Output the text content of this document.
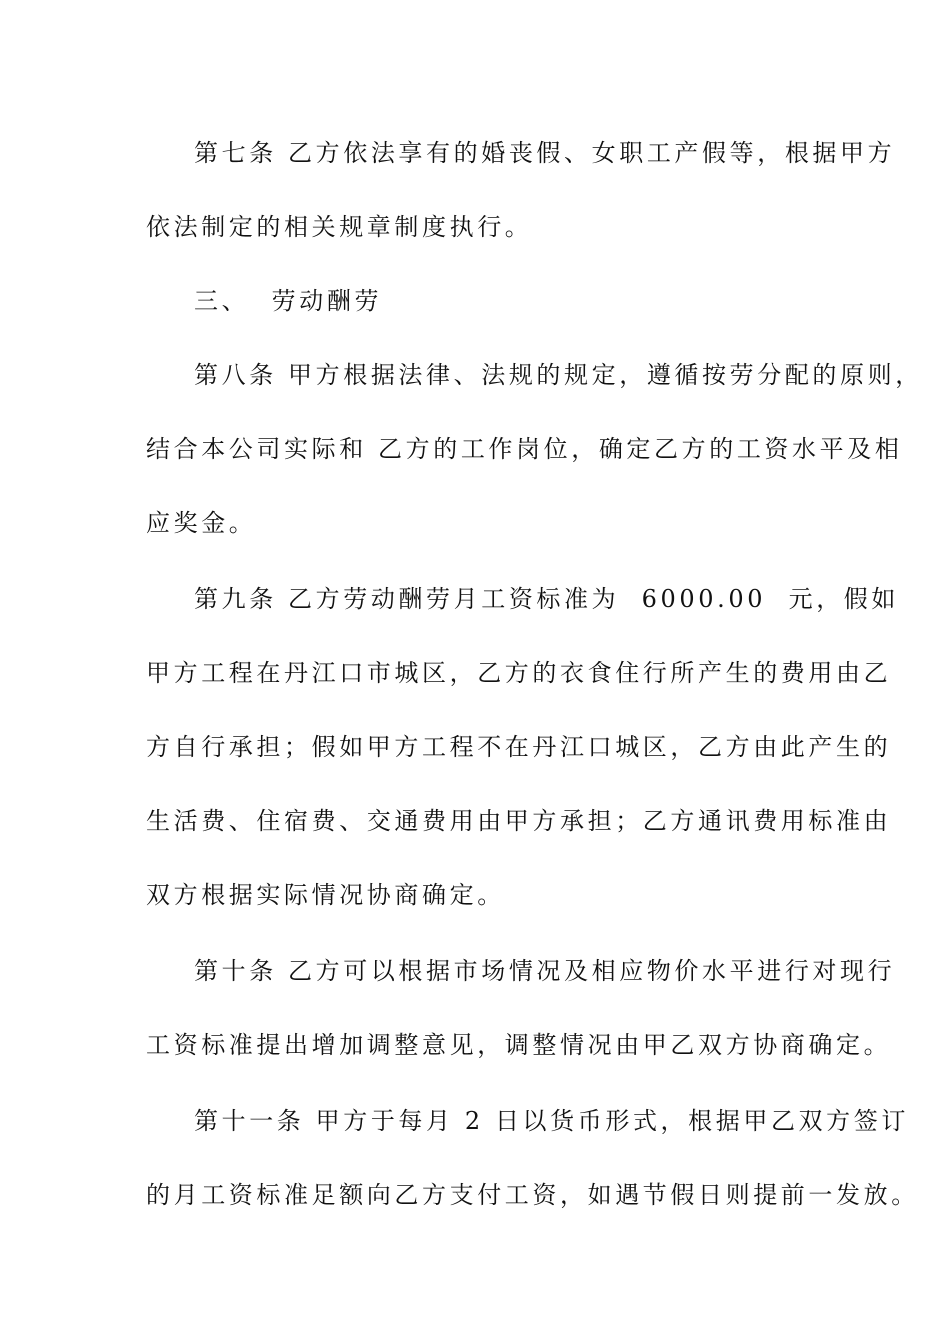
第七条 乙方依法享有的婚丧假、女职工产假等，根据甲方
依法制定的相关规章制度执行。
三、  劳动酬劳
第八条 甲方根据法律、法规的规定，遵循按劳分配的原则，
结合本公司实际和 乙方的工作岗位，确定乙方的工资水平及相
应奖金。
第九条 乙方劳动酬劳月工资标准为  6000.00  元，假如
甲方工程在丹江口市城区，乙方的衣食住行所产生的费用由乙
方自行承担；假如甲方工程不在丹江口城区，乙方由此产生的
生活费、住宿费、交通费用由甲方承担；乙方通讯费用标准由
双方根据实际情况协商确定。
第十条 乙方可以根据市场情况及相应物价水平进行对现行
工资标准提出增加调整意见，调整情况由甲乙双方协商确定。
第十一条 甲方于每月 2 日以货币形式，根据甲乙双方签订
的月工资标准足额向乙方支付工资，如遇节假日则提前一发放。
